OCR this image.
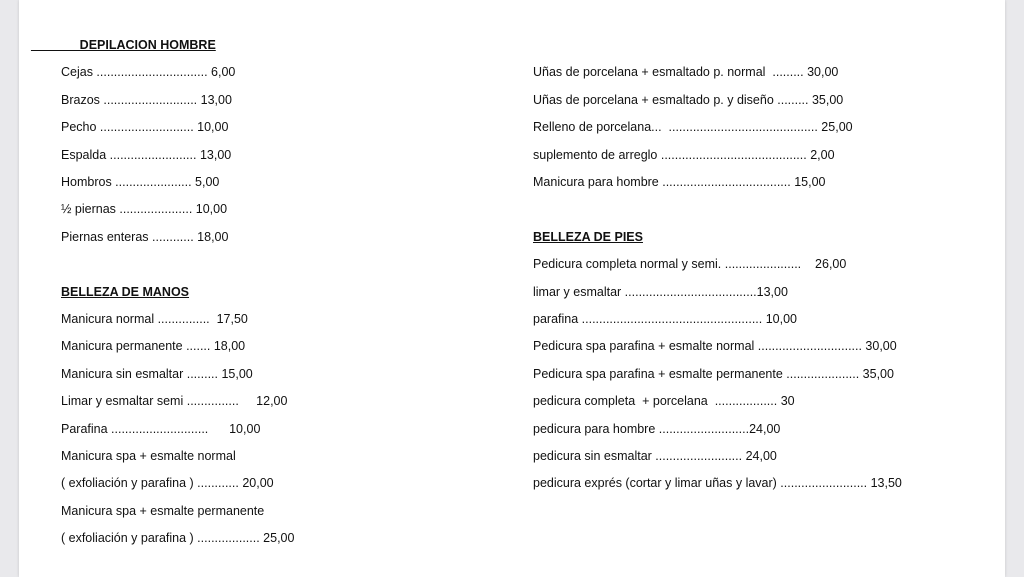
_______DEPILACION HOMBRE
Cejas ................................ 6,00
Brazos ........................... 13,00
Pecho ........................... 10,00
Espalda ......................... 13,00
Hombros ...................... 5,00
½ piernas ..................... 10,00
Piernas enteras ............ 18,00
BELLEZA DE MANOS
Manicura normal ...............  17,50
Manicura permanente ....... 18,00
Manicura sin esmaltar ......... 15,00
Limar y esmaltar semi ...............     12,00
Parafina ............................      10,00
Manicura spa + esmalte normal
( exfoliación y parafina ) ............ 20,00
Manicura spa + esmalte permanente
( exfoliación y parafina ) .................. 25,00
Uñas de porcelana + esmaltado p. normal  ......... 30,00
Uñas de porcelana + esmaltado p. y diseño ......... 35,00
Relleno de porcelana...  ........................................... 25,00
suplemento de arreglo .......................................... 2,00
Manicura para hombre ..................................... 15,00
BELLEZA DE PIES
Pedicura completa normal y semi. ......................    26,00
limar y esmaltar ......................................13,00
parafina .................................................... 10,00
Pedicura spa parafina + esmalte normal .............................. 30,00
Pedicura spa parafina + esmalte permanente ..................... 35,00
pedicura completa  + porcelana  .................. 30
pedicura para hombre ..........................24,00
pedicura sin esmaltar ......................... 24,00
pedicura exprés (cortar y limar uñas y lavar) ......................... 13,50
